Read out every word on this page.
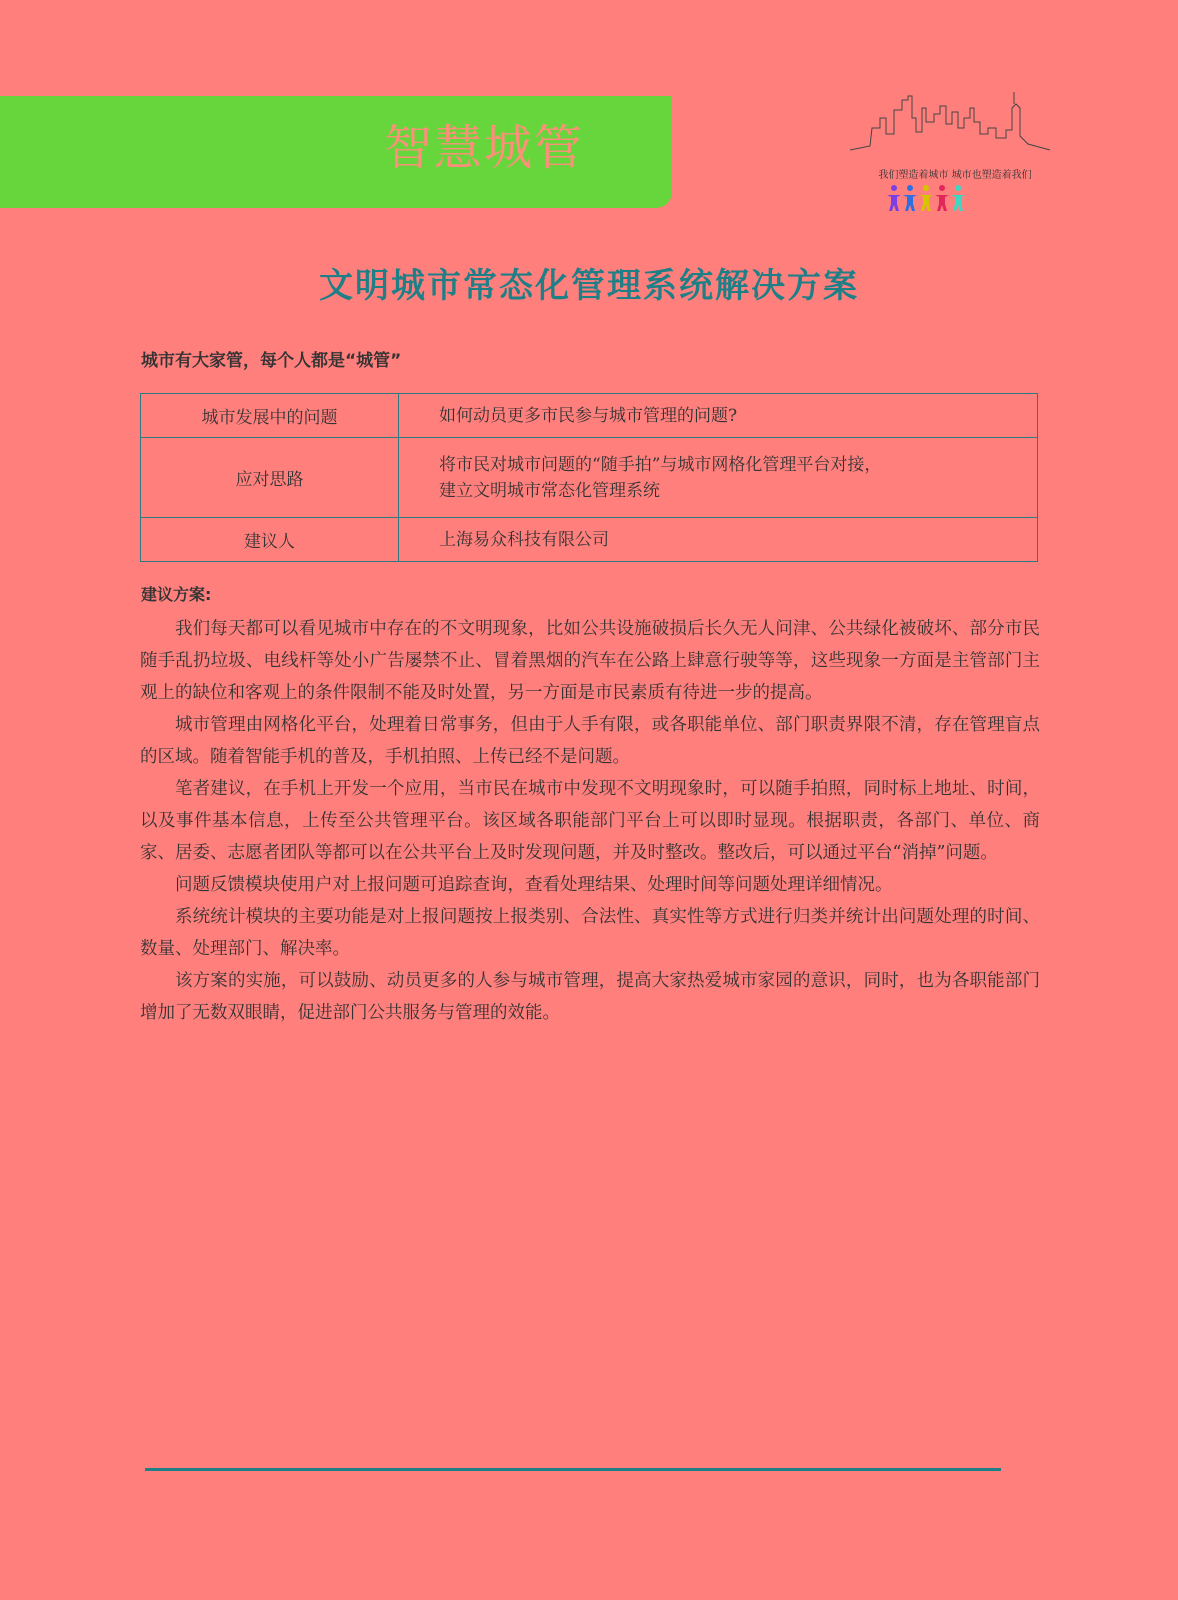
智慧城管	我们塑造着城市 城市也塑造着我们
文明城市常态化管理系统解决方案
城市有大家管，每个人都是“城管”
城市发展中的问题	如何动员更多市民参与城市管理的问题?
应对思路	将市民对城市问题的“随手拍”与城市网格化管理平台对接，
建立文明城市常态化管理系统

建议人	上海易众科技有限公司
建议方案:

我们每天都可以看见城市中存在的不文明现象，比如公共设施破损后长久无人问津、公共绿化被破坏、部分市民随手乱扔垃圾、电线杆等处小广告屡禁不止、冒着黑烟的汽车在公路上肆意行驶等等，这些现象一方面是主管部门主观上的缺位和客观上的条件限制不能及时处置，另一方面是市民素质有待进一步的提高。

城市管理由网格化平台，处理着日常事务，但由于人手有限，或各职能单位、部门职责界限不清，存在管理盲点的区域。随着智能手机的普及，手机拍照、上传已经不是问题。

笔者建议，在手机上开发一个应用，当市民在城市中发现不文明现象时，可以随手拍照，同时标上地址、时间，以及事件基本信息，上传至公共管理平台。该区域各职能部门平台上可以即时显现。根据职责，各部门、单位、商家、居委、志愿者团队等都可以在公共平台上及时发现问题，并及时整改。整改后，可以通过平台“消掉”问题。

问题反馈模块使用户对上报问题可追踪查询，查看处理结果、处理时间等问题处理详细情况。

系统统计模块的主要功能是对上报问题按上报类别、合法性、真实性等方式进行归类并统计出问题处理的时间、数量、处理部门、解决率。

该方案的实施，可以鼓励、动员更多的人参与城市管理，提高大家热爱城市家园的意识，同时，也为各职能部门增加了无数双眼睛，促进部门公共服务与管理的效能。
